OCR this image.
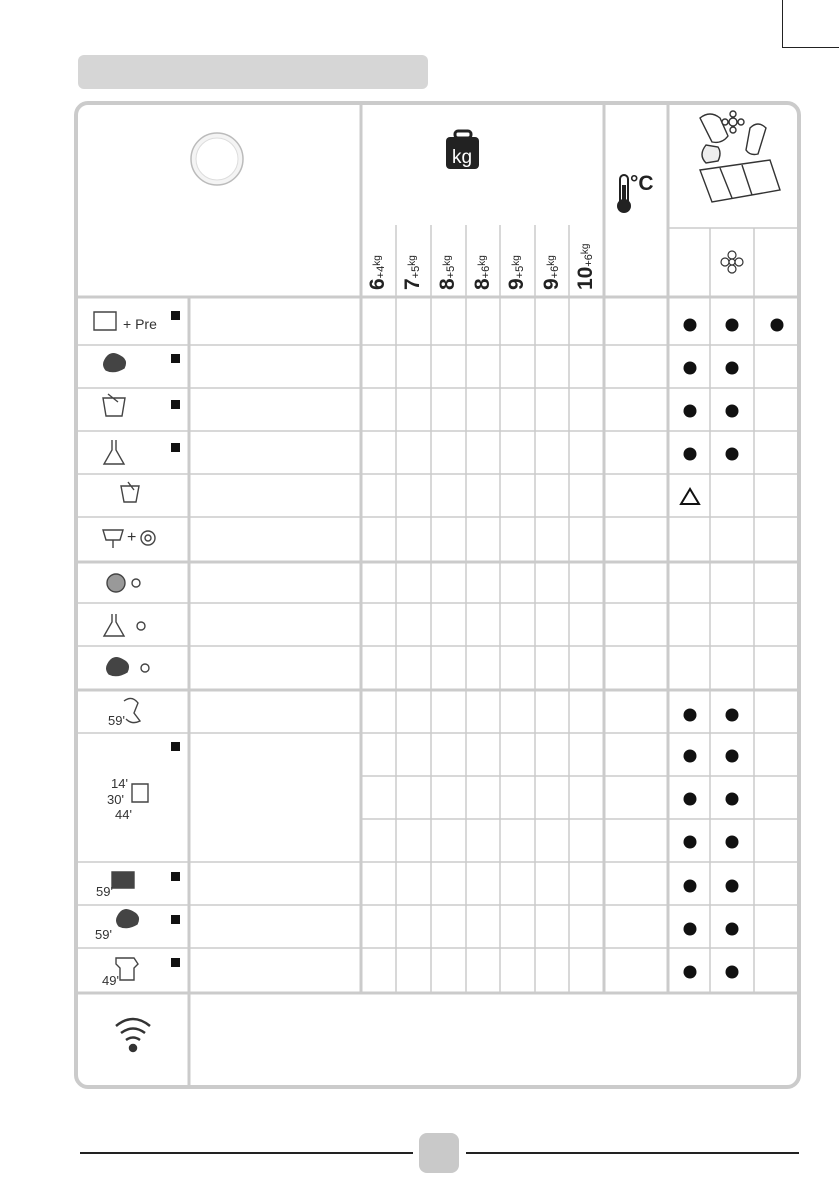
kg
°C
+ Pre
+
59'
14'
30'
44'
59'
59'
49'
$6+4^{kg}$
$7+5^{kg}$
$8+5^{kg}$
$8+6^{kg}$
$9+5^{kg}$
$9+6^{kg}$
$10+6^{kg}$
